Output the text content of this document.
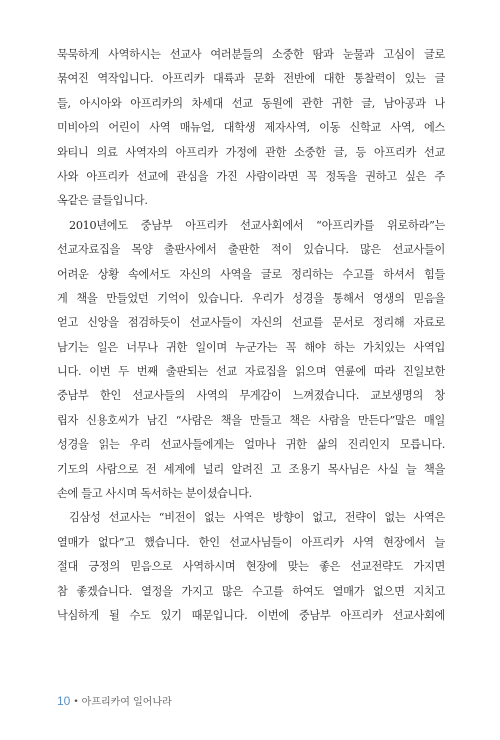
묵묵하게 사역하시는 선교사 여러분들의 소중한 땀과 눈물과 고심이 글로
묶여진 역작입니다. 아프리카 대륙과 문화 전반에 대한 통찰력이 있는 글
들, 아시아와 아프리카의 차세대 선교 동원에 관한 귀한 글, 남아공과 나
미비아의 어린이 사역 매뉴얼, 대학생 제자사역, 이동 신학교 사역, 에스
와티니 의료 사역자의 아프리카 가정에 관한 소중한 글, 등 아프리카 선교
사와 아프리카 선교에 관심을 가진 사람이라면 꼭 정독을 권하고 싶은 주
옥같은 글들입니다.
2010년에도 중남부 아프리카 선교사회에서 “아프리카를 위로하라”는
선교자료집을 목양 출판사에서 출판한 적이 있습니다. 많은 선교사들이
어려운 상황 속에서도 자신의 사역을 글로 정리하는 수고를 하셔서 힘들
게 책을 만들었던 기억이 있습니다. 우리가 성경을 통해서 영생의 믿음을
얻고 신앙을 점검하듯이 선교사들이 자신의 선교를 문서로 정리해 자료로
남기는 일은 너무나 귀한 일이며 누군가는 꼭 해야 하는 가치있는 사역입
니다. 이번 두 번째 출판되는 선교 자료집을 읽으며 연륜에 따라 진일보한
중남부 한인 선교사들의 사역의 무게감이 느껴졌습니다. 교보생명의 창
립자 신용호씨가 남긴 “사람은 책을 만들고 책은 사람을 만든다”말은 매일
성경을 읽는 우리 선교사들에게는 얼마나 귀한 삶의 진리인지 모릅니다.
기도의 사람으로 전 세계에 널리 알려진 고 조용기 목사님은 사실 늘 책을
손에 들고 사시며 독서하는 분이셨습니다.
김삼성 선교사는 “비전이 없는 사역은 방향이 없고, 전략이 없는 사역은
열매가 없다”고 했습니다. 한인 선교사님들이 아프리카 사역 현장에서 늘
절대 긍정의 믿음으로 사역하시며 현장에 맞는 좋은 선교전략도 가지면
참 좋겠습니다. 열정을 가지고 많은 수고를 하여도 열매가 없으면 지치고
낙심하게 될 수도 있기 때문입니다. 이번에 중남부 아프리카 선교사회에
10 • 아프리카여 일어나라
